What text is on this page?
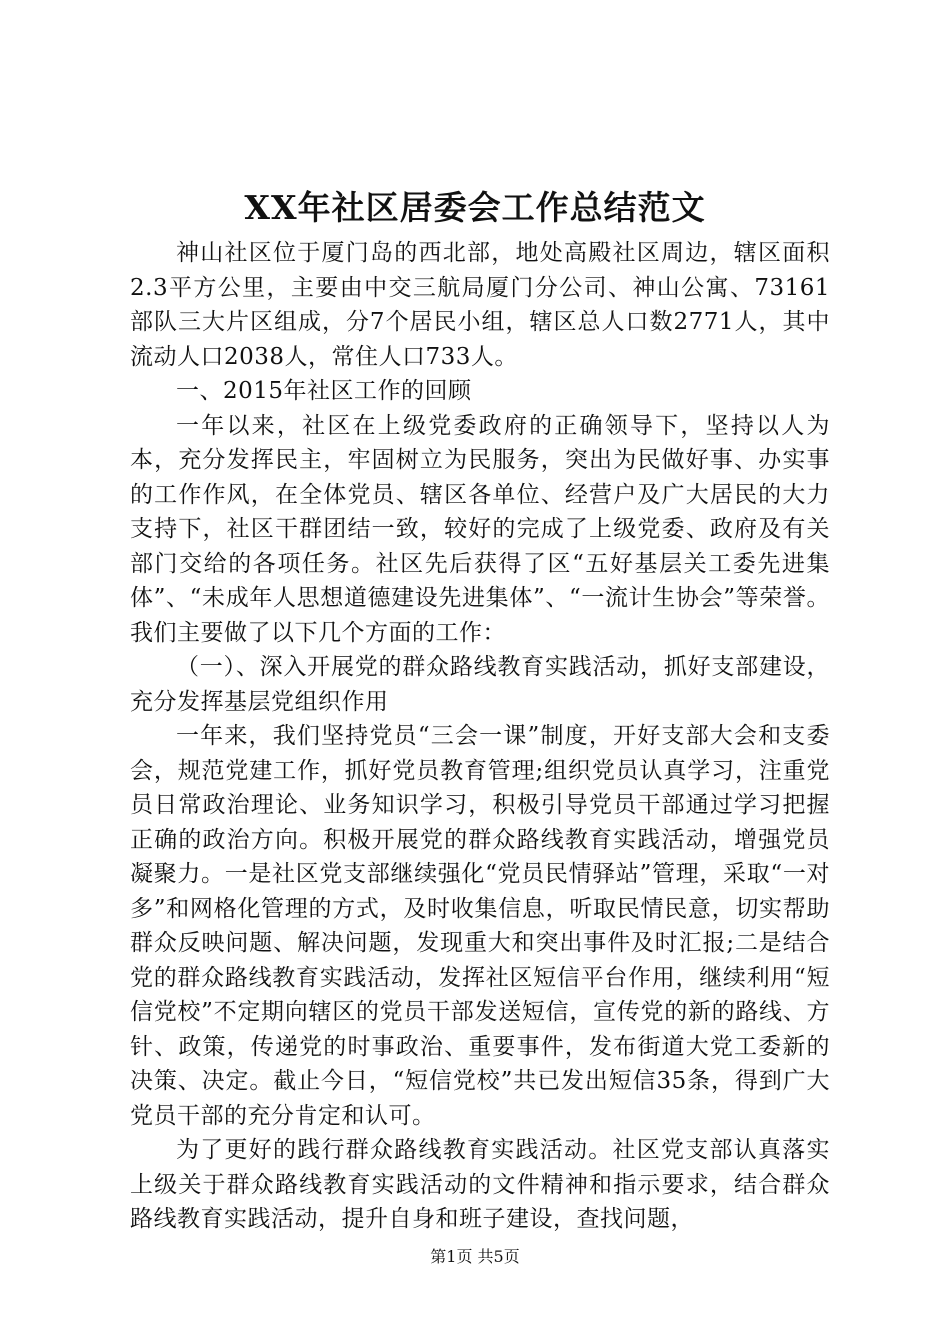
XX年社区居委会工作总结范文

神山社区位于厦门岛的西北部，地处高殿社区周边，辖区面积2.3平方公里，主要由中交三航局厦门分公司、神山公寓、73161部队三大片区组成，分7个居民小组，辖区总人口数2771人，其中流动人口2038人，常住人口733人。

一、2015年社区工作的回顾

一年以来，社区在上级党委政府的正确领导下，坚持以人为本，充分发挥民主，牢固树立为民服务，突出为民做好事、办实事的工作作风，在全体党员、辖区各单位、经营户及广大居民的大力支持下，社区干群团结一致，较好的完成了上级党委、政府及有关部门交给的各项任务。社区先后获得了区“五好基层关工委先进集体”、“未成年人思想道德建设先进集体”、“一流计生协会”等荣誉。我们主要做了以下几个方面的工作：

（一）、深入开展党的群众路线教育实践活动，抓好支部建设，充分发挥基层党组织作用

一年来，我们坚持党员“三会一课”制度，开好支部大会和支委会，规范党建工作，抓好党员教育管理;组织党员认真学习，注重党员日常政治理论、业务知识学习，积极引导党员干部通过学习把握正确的政治方向。积极开展党的群众路线教育实践活动，增强党员凝聚力。一是社区党支部继续强化“党员民情驿站”管理，采取“一对多”和网格化管理的方式，及时收集信息，听取民情民意，切实帮助群众反映问题、解决问题，发现重大和突出事件及时汇报;二是结合党的群众路线教育实践活动，发挥社区短信平台作用，继续利用“短信党校”不定期向辖区的党员干部发送短信，宣传党的新的路线、方针、政策，传递党的时事政治、重要事件，发布街道大党工委新的决策、决定。截止今日，“短信党校”共已发出短信35条，得到广大党员干部的充分肯定和认可。

为了更好的践行群众路线教育实践活动。社区党支部认真落实上级关于群众路线教育实践活动的文件精神和指示要求，结合群众路线教育实践活动，提升自身和班子建设，查找问题，

第1页 共5页
